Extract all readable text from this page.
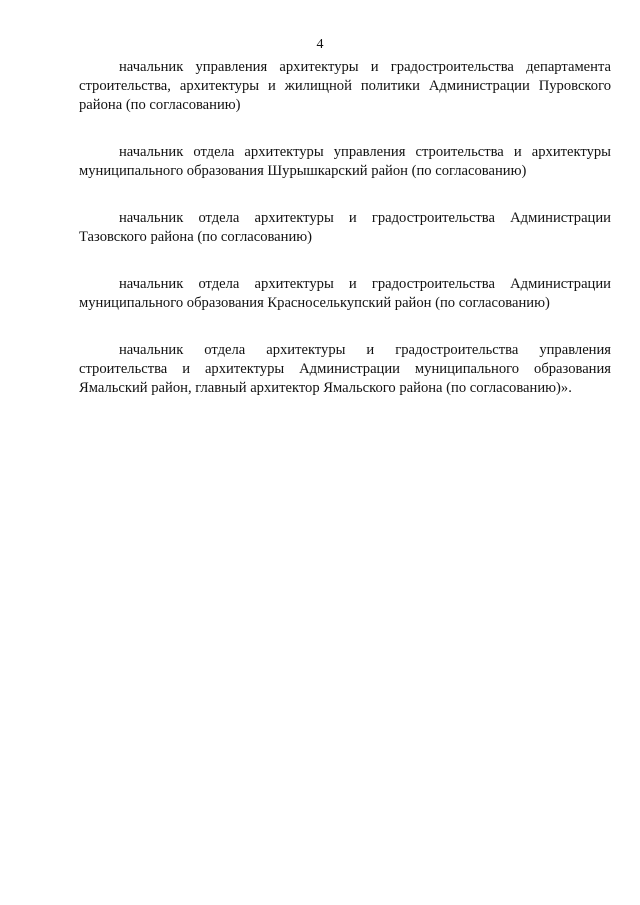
4

начальник управления архитектуры и градостроительства департамента строительства, архитектуры и жилищной политики Администрации Пуровского района (по согласованию)

начальник отдела архитектуры управления строительства и архитектуры муниципального образования Шурышкарский район (по согласованию)

начальник отдела архитектуры и градостроительства Администрации Тазовского района (по согласованию)

начальник отдела архитектуры и градостроительства Администрации муниципального образования Красноселькупский район (по согласованию)

начальник отдела архитектуры и градостроительства управления строительства и архитектуры Администрации муниципального образования Ямальский район, главный архитектор Ямальского района (по согласованию)».
